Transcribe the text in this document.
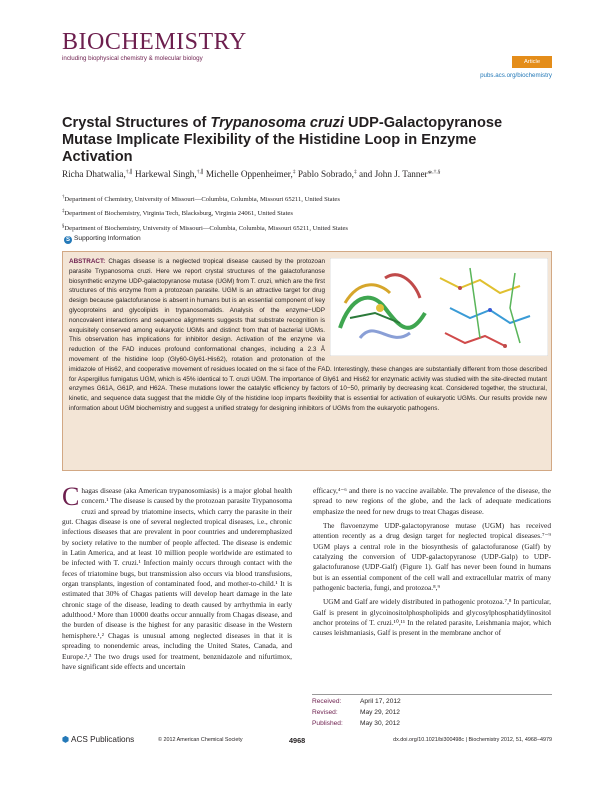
BIOCHEMISTRY
including biophysical chemistry & molecular biology	Article
pubs.acs.org/biochemistry
Crystal Structures of Trypanosoma cruzi UDP-Galactopyranose Mutase Implicate Flexibility of the Histidine Loop in Enzyme Activation
Richa Dhatwalia,†,∥ Harkewal Singh,†,∥ Michelle Oppenheimer,‡ Pablo Sobrado,‡ and John J. Tanner*,†,§
†Department of Chemistry, University of Missouri—Columbia, Columbia, Missouri 65211, United States
‡Department of Biochemistry, Virginia Tech, Blacksburg, Virginia 24061, United States
§Department of Biochemistry, University of Missouri—Columbia, Columbia, Missouri 65211, United States
S Supporting Information
ABSTRACT: Chagas disease is a neglected tropical disease caused by the protozoan parasite Trypanosoma cruzi. Here we report crystal structures of the galactofuranose biosynthetic enzyme UDP-galactopyranose mutase (UGM) from T. cruzi, which are the first structures of this enzyme from a protozoan parasite. UGM is an attractive target for drug design because galactofuranose is absent in humans but is an essential component of key glycoproteins and glycolipids in trypanosomatids. Analysis of the enzyme−UDP noncovalent interactions and sequence alignments suggests that substrate recognition is exquisitely conserved among eukaryotic UGMs and distinct from that of bacterial UGMs. This observation has implications for inhibitor design. Activation of the enzyme via reduction of the FAD induces profound conformational changes, including a 2.3 Å movement of the histidine loop (Gly60-Gly61-His62), rotation and protonation of the imidazole of His62, and cooperative movement of residues located on the si face of the FAD. Interestingly, these changes are substantially different from those described for Aspergillus fumigatus UGM, which is 45% identical to T. cruzi UGM. The importance of Gly61 and His62 for enzymatic activity was studied with the site-directed mutant enzymes G61A, G61P, and H62A. These mutations lower the catalytic efficiency by factors of 10−50, primarily by decreasing kcat. Considered together, the structural, kinetic, and sequence data suggest that the middle Gly of the histidine loop imparts flexibility that is essential for activation of eukaryotic UGMs. Our results provide new information about UGM biochemistry and suggest a unified strategy for designing inhibitors of UGMs from the eukaryotic pathogens.

Chagas disease (aka American trypanosomiasis) is a major global health concern.¹ The disease is caused by the protozoan parasite Trypanosoma cruzi and spread by triatomine insects, which carry the parasite in their gut. Chagas disease is one of several neglected tropical diseases, i.e., chronic infectious diseases that are prevalent in poor countries and underemphasized by society relative to the number of people affected. The disease is endemic in Latin America, and at least 10 million people worldwide are estimated to be infected with T. cruzi.¹ Infection mainly occurs through contact with the feces of triatomine bugs, but transmission also occurs via blood transfusions, organ transplants, ingestion of contaminated food, and mother-to-child.¹ It is estimated that 30% of Chagas patients will develop heart damage in the late chronic stage of the disease, leading to death caused by arrhythmia in early adulthood.¹ More than 10000 deaths occur annually from Chagas disease, and the burden of disease is the highest for any parasitic disease in the Western hemisphere.¹,² Chagas is unusual among neglected diseases in that it is spreading to nonendemic areas, including the United States, Canada, and Europe.²,³ The two drugs used for treatment, benznidazole and nifurtimox, have significant side effects and uncertain

efficacy,⁴⁻⁶ and there is no vaccine available. The prevalence of the disease, the spread to new regions of the globe, and the lack of adequate medications emphasize the need for new drugs to treat Chagas disease.

The flavoenzyme UDP-galactopyranose mutase (UGM) has received attention recently as a drug design target for neglected tropical diseases.⁷⁻⁹ UGM plays a central role in the biosynthesis of galactofuranose (Galf) by catalyzing the conversion of UDP-galactopyranose (UDP-Galp) to UDP-galactofuranose (UDP-Galf) (Figure 1). Galf has never been found in humans but is an essential component of the cell wall and extracellular matrix of many pathogenic bacteria, fungi, and protozoa.⁸,⁹

UGM and Galf are widely distributed in pathogenic protozoa.⁷,⁸ In particular, Galf is present in glycoinositolphospholipids and glycosylphosphatidylinositol anchor proteins of T. cruzi.¹⁰,¹¹ In the related parasite, Leishmania major, which causes leishmaniasis, Galf is present in the membrane anchor of

Received:	April 17, 2012
Revised:	May 29, 2012
Published:	May 30, 2012
⬢ ACS Publications	© 2012 American Chemical Society	4968	dx.doi.org/10.1021/bi300498c | Biochemistry 2012, 51, 4968−4979
